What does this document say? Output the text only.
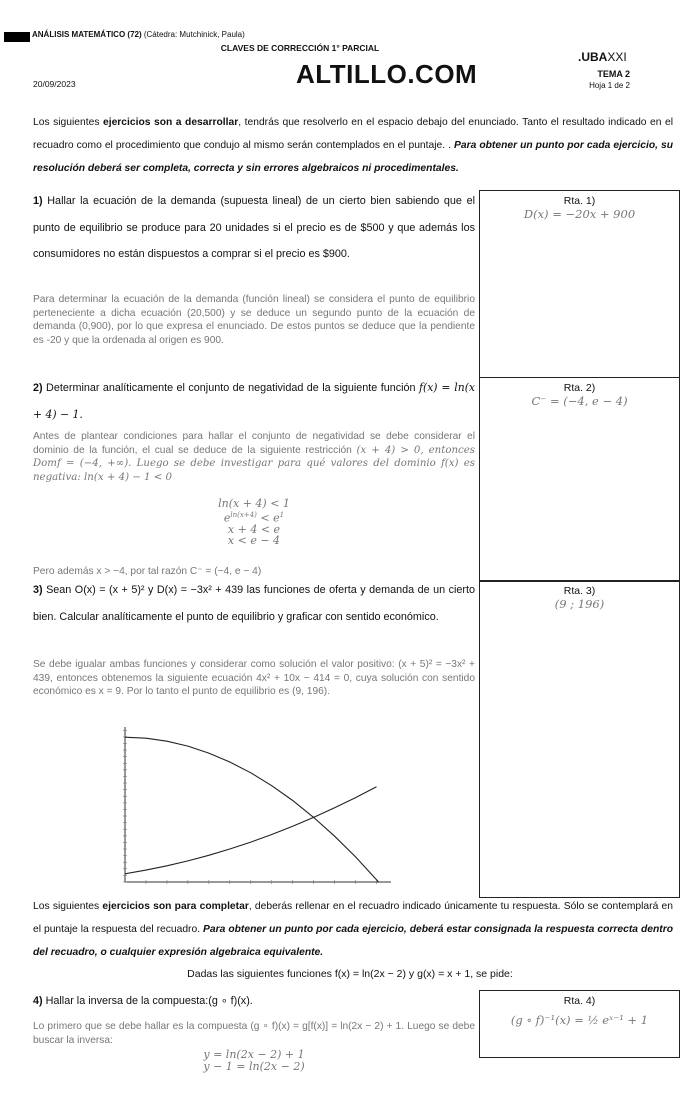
ANÁLISIS MATEMÁTICO (72) (Cátedra: Mutchinick, Paula)
CLAVES DE CORRECCIÓN 1° PARCIAL
20/09/2023	ALTILLO.COM
.UBAXXI
TEMA 2
Hoja 1 de 2
Los siguientes ejercicios son a desarrollar, tendrás que resolverlo en el espacio debajo del enunciado. Tanto el resultado indicado en el recuadro como el procedimiento que condujo al mismo serán contemplados en el puntaje. . Para obtener un punto por cada ejercicio, su resolución deberá ser completa, correcta y sin errores algebraicos ni procedimentales.
1) Hallar la ecuación de la demanda (supuesta lineal) de un cierto bien sabiendo que el punto de equilibrio se produce para 20 unidades si el precio es de $500 y que además los consumidores no están dispuestos a comprar si el precio es $900.
Para determinar la ecuación de la demanda (función lineal) se considera el punto de equilibrio perteneciente a dicha ecuación (20,500) y se deduce un segundo punto de la ecuación de demanda (0,900), por lo que expresa el enunciado. De estos puntos se deduce que la pendiente es -20 y que la ordenada al origen es 900.
Rta. 1)
D(x) = −20x + 900
2) Determinar analíticamente el conjunto de negatividad de la siguiente función f(x) = ln(x + 4) − 1.
Antes de plantear condiciones para hallar el conjunto de negatividad se debe considerar el dominio de la función, el cual se deduce de la siguiente restricción (x + 4) > 0, entonces Domf = (−4, +∞). Luego se debe investigar para qué valores del dominio f(x) es negativa: ln(x + 4) − 1 < 0
ln(x + 4) < 1
$e^{ln(x+4)} < e^1$
x + 4 < e
x < e − 4
Pero además x > −4, por tal razón C⁻ = (−4, e − 4)
Rta. 2)
C⁻ = (−4, e − 4)
3) Sean O(x) = (x + 5)² y D(x) = −3x² + 439 las funciones de oferta y demanda de un cierto bien. Calcular analíticamente el punto de equilibrio y graficar con sentido económico.
Se debe igualar ambas funciones y considerar como solución el valor positivo: (x + 5)² = −3x² + 439, entonces obtenemos la siguiente ecuación 4x² + 10x − 414 = 0, cuya solución con sentido económico es x = 9. Por lo tanto el punto de equilibrio es (9, 196).
Rta. 3)
(9 ; 196)
Los siguientes ejercicios son para completar, deberás rellenar en el recuadro indicado únicamente tu respuesta. Sólo se contemplará en el puntaje la respuesta del recuadro. Para obtener un punto por cada ejercicio, deberá estar consignada la respuesta correcta dentro del recuadro, o cualquier expresión algebraica equivalente.
Dadas las siguientes funciones f(x) = ln(2x − 2) y g(x) = x + 1, se pide:
4) Hallar la inversa de la compuesta:(g ∘ f)(x).
Lo primero que se debe hallar es la compuesta (g ∘ f)(x) = g[f(x)] = ln(2x − 2) + 1. Luego se debe buscar la inversa:
y = ln(2x − 2) + 1
y − 1 = ln(2x − 2)
Rta. 4)
(g ∘ f)⁻¹(x) = ½ eˣ⁻¹ + 1
